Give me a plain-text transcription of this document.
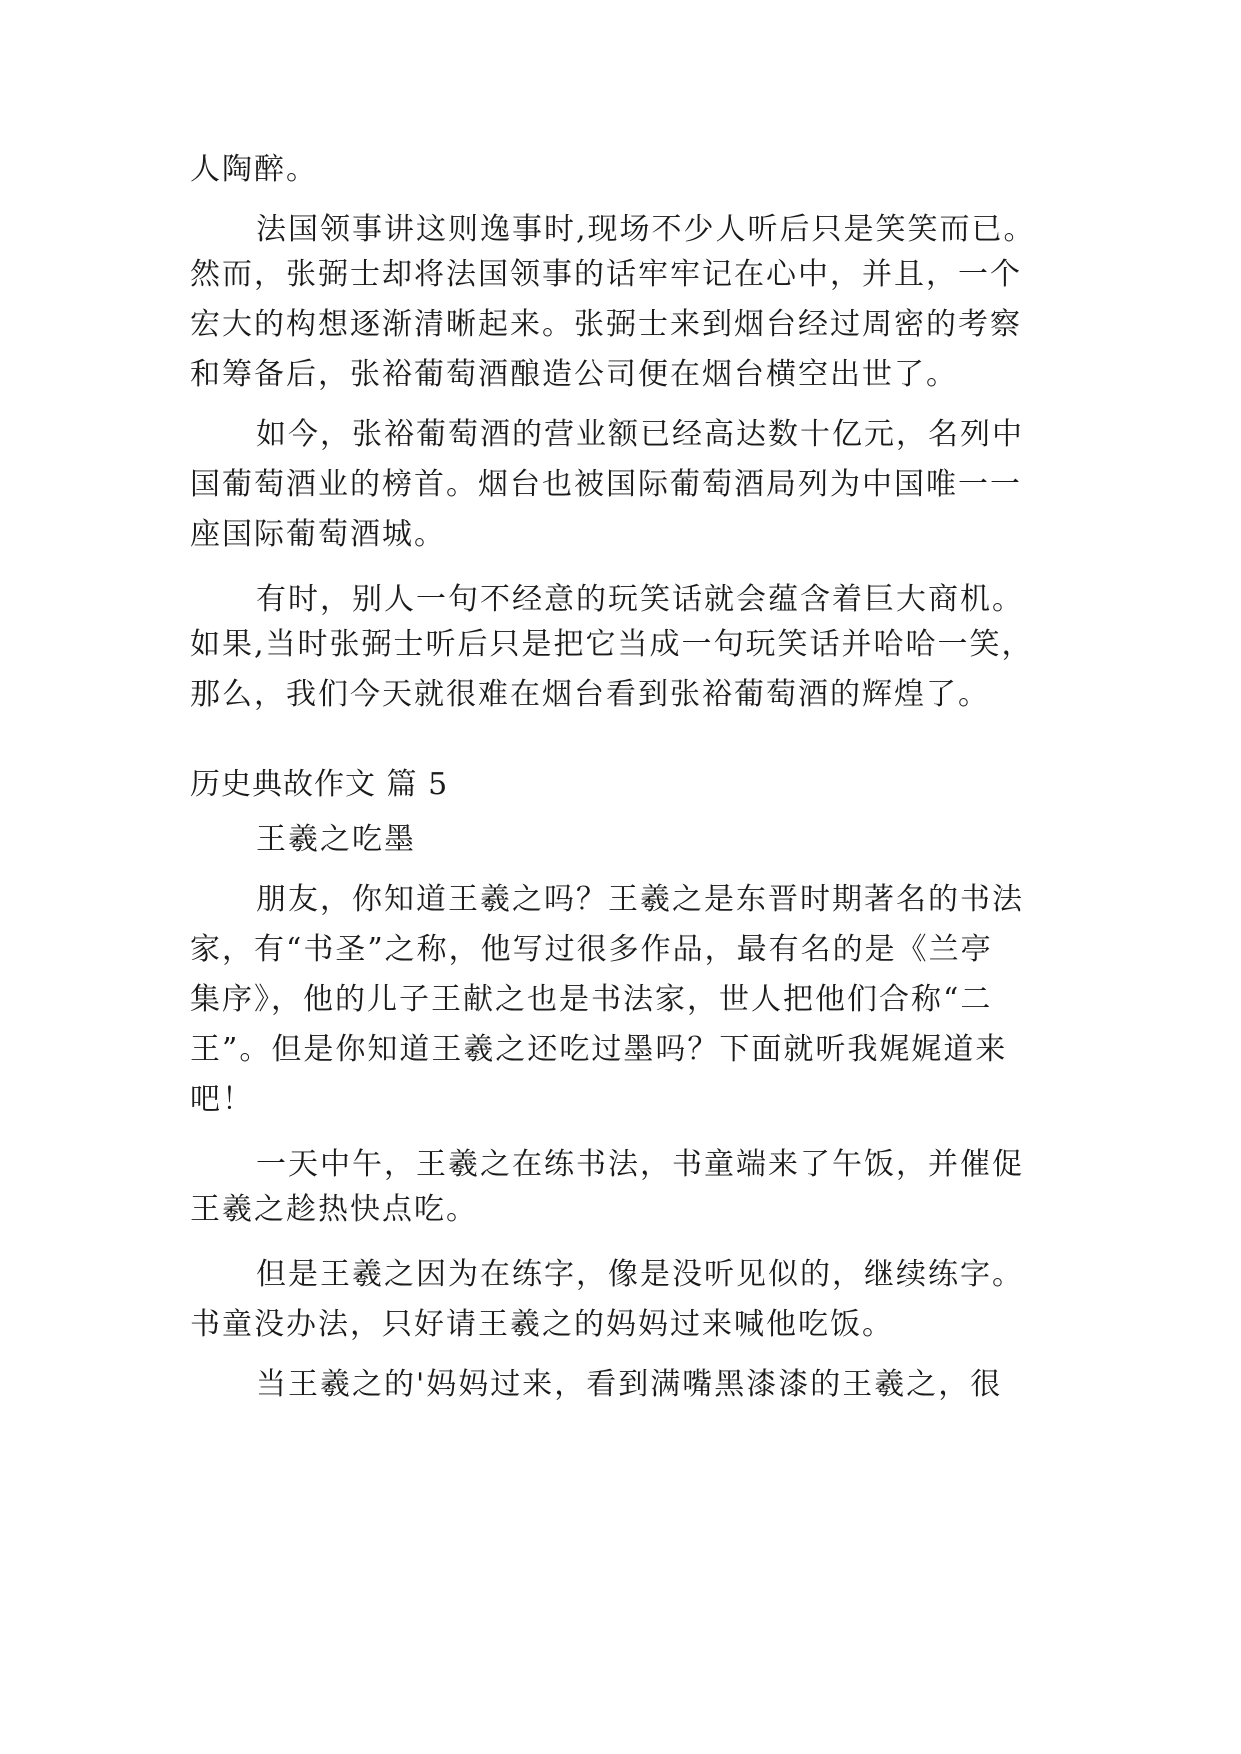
人陶醉。
法国领事讲这则逸事时,现场不少人听后只是笑笑而已。
然而，张弼士却将法国领事的话牢牢记在心中，并且，一个
宏大的构想逐渐清晰起来。张弼士来到烟台经过周密的考察
和筹备后，张裕葡萄酒酿造公司便在烟台横空出世了。
如今，张裕葡萄酒的营业额已经高达数十亿元，名列中
国葡萄酒业的榜首。烟台也被国际葡萄酒局列为中国唯一一
座国际葡萄酒城。
有时，别人一句不经意的玩笑话就会蕴含着巨大商机。
如果,当时张弼士听后只是把它当成一句玩笑话并哈哈一笑，
那么，我们今天就很难在烟台看到张裕葡萄酒的辉煌了。
历史典故作文 篇 5
王羲之吃墨
朋友，你知道王羲之吗？王羲之是东晋时期著名的书法
家，有“书圣”之称，他写过很多作品，最有名的是《兰亭
集序》，他的儿子王献之也是书法家，世人把他们合称“二
王”。但是你知道王羲之还吃过墨吗？下面就听我娓娓道来
吧！
一天中午，王羲之在练书法，书童端来了午饭，并催促
王羲之趁热快点吃。
但是王羲之因为在练字，像是没听见似的，继续练字。
书童没办法，只好请王羲之的妈妈过来喊他吃饭。
当王羲之的'妈妈过来，看到满嘴黑漆漆的王羲之，很
